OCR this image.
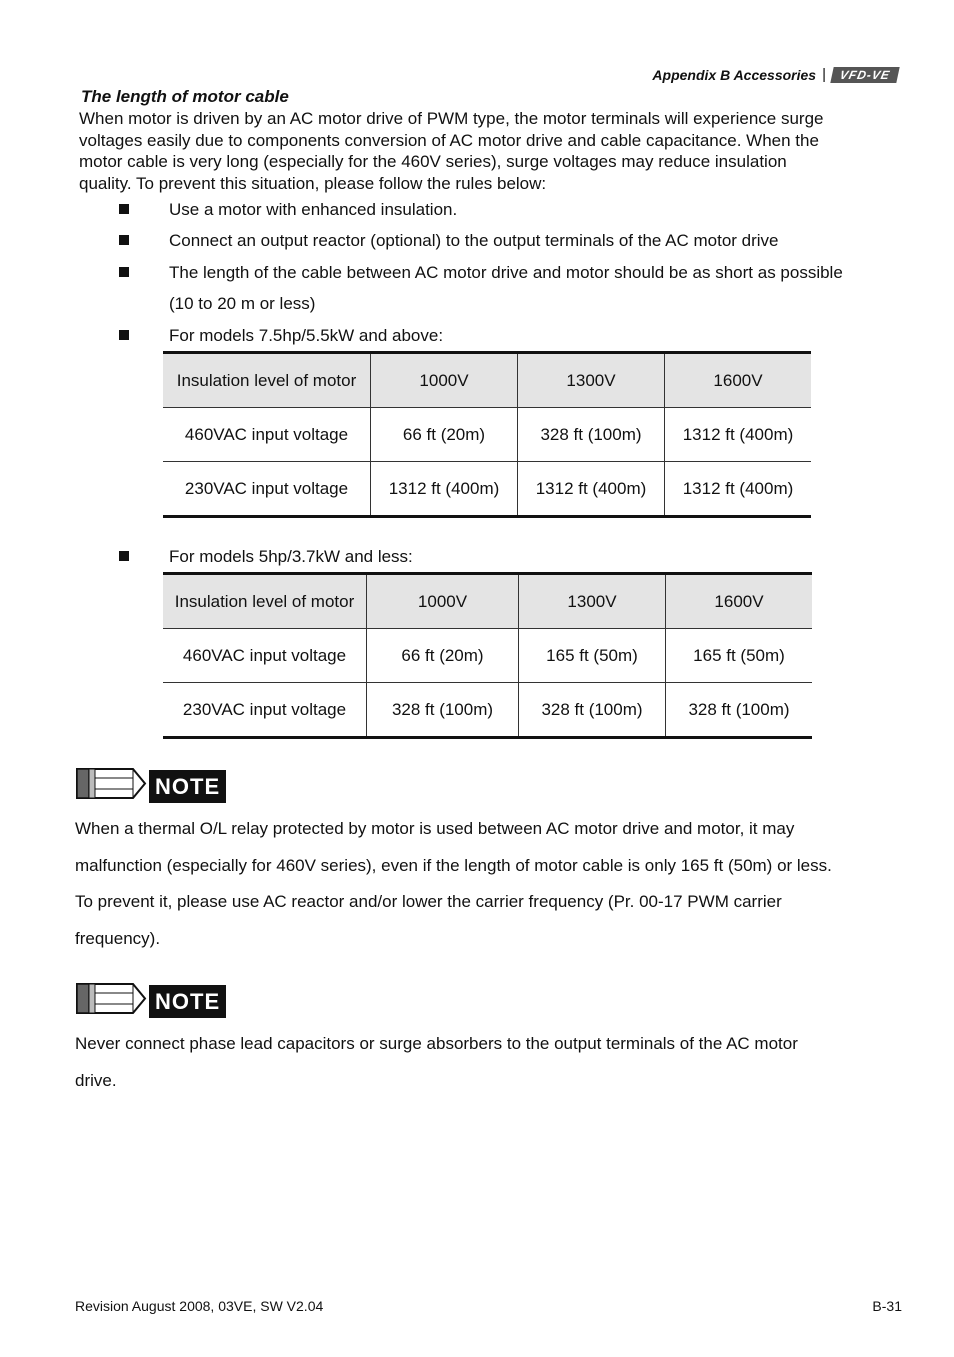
Appendix B Accessories |	VFD-VE
The length of motor cable

When motor is driven by an AC motor drive of PWM type, the motor terminals will experience surge

voltages easily due to components conversion of AC motor drive and cable capacitance. When the

motor cable is very long (especially for the 460V series), surge voltages may reduce insulation

quality. To prevent this situation, please follow the rules below:

Use a motor with enhanced insulation.
Connect an output reactor (optional) to the output terminals of the AC motor drive
The length of the cable between AC motor drive and motor should be as short as possible
(10 to 20 m or less)
For models 7.5hp/5.5kW and above:
Insulation level of motor	1000V	1300V	1600V
460VAC input voltage	66 ft (20m)	328 ft (100m)	1312 ft (400m)
230VAC input voltage	1312 ft (400m)	1312 ft (400m)	1312 ft (400m)
For models 5hp/3.7kW and less:
Insulation level of motor	1000V	1300V	1600V
460VAC input voltage	66 ft (20m)	165 ft (50m)	165 ft (50m)
230VAC input voltage	328 ft (100m)	328 ft (100m)	328 ft (100m)
NOTE

When a thermal O/L relay protected by motor is used between AC motor drive and motor, it may

malfunction (especially for 460V series), even if the length of motor cable is only 165 ft (50m) or less.

To prevent it, please use AC reactor and/or lower the carrier frequency (Pr. 00-17 PWM carrier

frequency).

NOTE

Never connect phase lead capacitors or surge absorbers to the output terminals of the AC motor

drive.

Revision August 2008, 03VE, SW V2.04	B-31
